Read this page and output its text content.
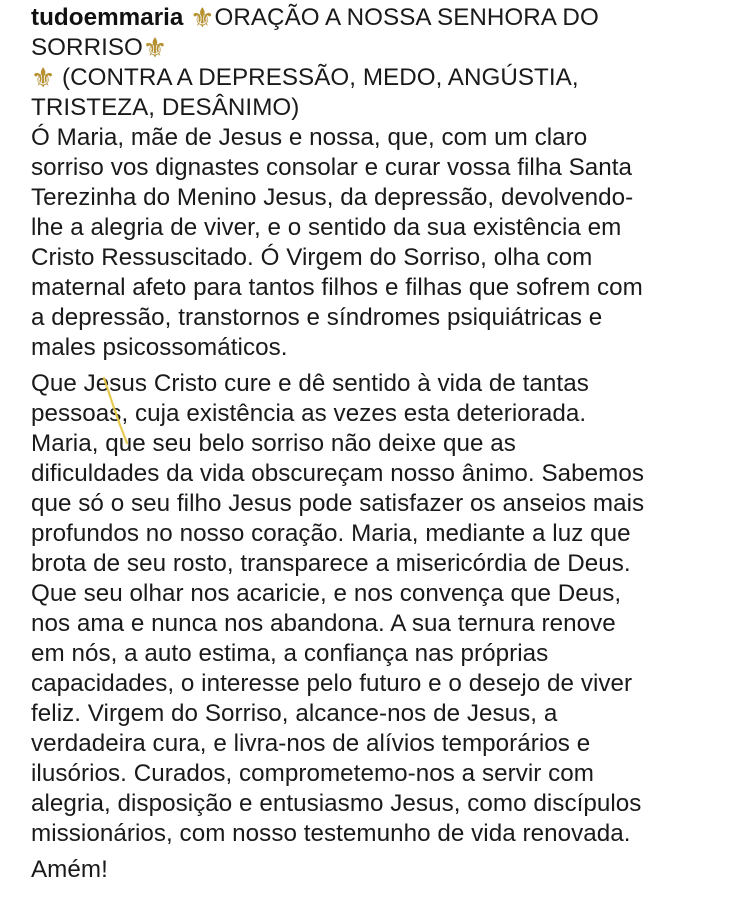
tudoemmaria ⚜ORAÇÃO A NOSSA SENHORA DO
SORRISO⚜
⚜ (CONTRA A DEPRESSÃO, MEDO, ANGÚSTIA,
TRISTEZA, DESÂNIMO)
Ó Maria, mãe de Jesus e nossa, que, com um claro
sorriso vos dignastes consolar e curar vossa filha Santa
Terezinha do Menino Jesus, da depressão, devolvendo-
lhe a alegria de viver, e o sentido da sua existência em
Cristo Ressuscitado. Ó Virgem do Sorriso, olha com
maternal afeto para tantos filhos e filhas que sofrem com
a depressão, transtornos e síndromes psiquiátricas e
males psicossomáticos.
Que Jesus Cristo cure e dê sentido à vida de tantas
pessoas, cuja existência as vezes esta deteriorada.
Maria, que seu belo sorriso não deixe que as
dificuldades da vida obscureçam nosso ânimo. Sabemos
que só o seu filho Jesus pode satisfazer os anseios mais
profundos no nosso coração. Maria, mediante a luz que
brota de seu rosto, transparece a misericórdia de Deus.
Que seu olhar nos acaricie, e nos convença que Deus,
nos ama e nunca nos abandona. A sua ternura renove
em nós, a auto estima, a confiança nas próprias
capacidades, o interesse pelo futuro e o desejo de viver
feliz. Virgem do Sorriso, alcance-nos de Jesus, a
verdadeira cura, e livra-nos de alívios temporários e
ilusórios. Curados, comprometemo-nos a servir com
alegria, disposição e entusiasmo Jesus, como discípulos
missionários, com nosso testemunho de vida renovada.
Amém!
